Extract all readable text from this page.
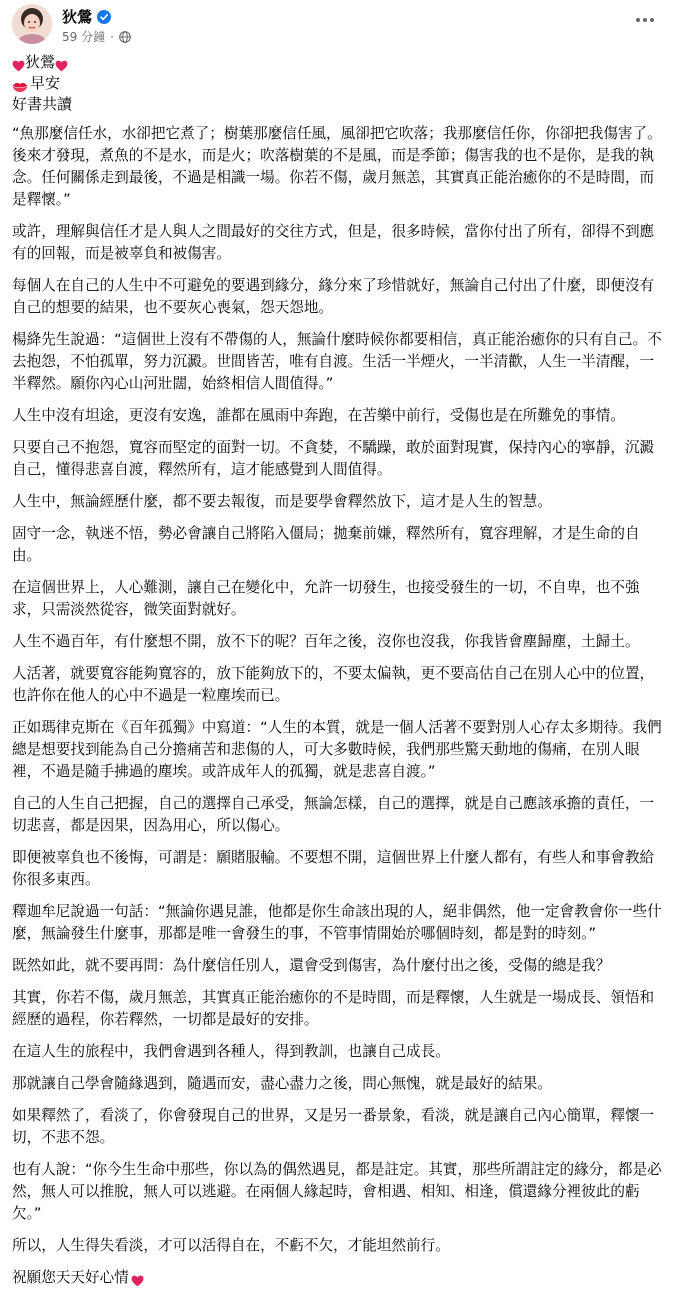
狄鶯
59 分鐘 ·

狄鶯

早安

好書共讀

“魚那麼信任水，水卻把它煮了；樹葉那麼信任風，風卻把它吹落；我那麼信任你，你卻把我傷害了。後來才發現，煮魚的不是水，而是火；吹落樹葉的不是風，而是季節；傷害我的也不是你，是我的執念。任何關係走到最後，不過是相識一場。你若不傷，歲月無恙，其實真正能治癒你的不是時間，而是釋懷。”

或許，理解與信任才是人與人之間最好的交往方式，但是，很多時候，當你付出了所有，卻得不到應有的回報，而是被辜負和被傷害。

每個人在自己的人生中不可避免的要遇到緣分，緣分來了珍惜就好，無論自己付出了什麼，即便沒有自己的想要的結果，也不要灰心喪氣，怨天怨地。

楊絳先生說過：“這個世上沒有不帶傷的人，無論什麼時候你都要相信，真正能治癒你的只有自己。不去抱怨，不怕孤單，努力沉澱。世間皆苦，唯有自渡。生活一半煙火，一半清歡，人生一半清醒，一半釋然。願你內心山河壯闊，始終相信人間值得。”

人生中沒有坦途，更沒有安逸，誰都在風雨中奔跑，在苦樂中前行，受傷也是在所難免的事情。

只要自己不抱怨，寬容而堅定的面對一切。不貪婪，不驕躁，敢於面對現實，保持內心的寧靜，沉澱自己，懂得悲喜自渡，釋然所有，這才能感覺到人間值得。

人生中，無論經歷什麼，都不要去報復，而是要學會釋然放下，這才是人生的智慧。

固守一念，執迷不悟，勢必會讓自己將陷入僵局；拋棄前嫌，釋然所有，寬容理解，才是生命的自由。

在這個世界上，人心難測，讓自己在變化中，允許一切發生，也接受發生的一切，不自卑，也不強求，只需淡然從容，微笑面對就好。

人生不過百年，有什麼想不開，放不下的呢？百年之後，沒你也沒我，你我皆會塵歸塵，土歸土。

人活著，就要寬容能夠寬容的，放下能夠放下的，不要太偏執，更不要高估自己在別人心中的位置，也許你在他人的心中不過是一粒塵埃而已。

正如瑪律克斯在《百年孤獨》中寫道：“人生的本質，就是一個人活著不要對別人心存太多期待。我們總是想要找到能為自己分擔痛苦和悲傷的人，可大多數時候，我們那些驚天動地的傷痛，在別人眼裡，不過是隨手拂過的塵埃。或許成年人的孤獨，就是悲喜自渡。”

自己的人生自己把握，自己的選擇自己承受，無論怎樣，自己的選擇，就是自己應該承擔的責任，一切悲喜，都是因果，因為用心，所以傷心。

即便被辜負也不後悔，可謂是：願賭服輸。不要想不開，這個世界上什麼人都有，有些人和事會教給你很多東西。

釋迦牟尼說過一句話：“無論你遇見誰，他都是你生命該出現的人，絕非偶然，他一定會教會你一些什麼，無論發生什麼事，那都是唯一會發生的事，不管事情開始於哪個時刻，都是對的時刻。”

既然如此，就不要再問：為什麼信任別人，還會受到傷害，為什麼付出之後，受傷的總是我？

其實，你若不傷，歲月無恙，其實真正能治癒你的不是時間，而是釋懷，人生就是一場成長、領悟和經歷的過程，你若釋然，一切都是最好的安排。

在這人生的旅程中，我們會遇到各種人，得到教訓，也讓自己成長。

那就讓自己學會隨緣遇到，隨遇而安，盡心盡力之後，問心無愧，就是最好的結果。

如果釋然了，看淡了，你會發現自己的世界，又是另一番景象，看淡，就是讓自己內心簡單，釋懷一切，不悲不怨。

也有人說：“你今生生命中那些，你以為的偶然遇見，都是註定。其實，那些所謂註定的緣分，都是必然，無人可以推脫，無人可以逃避。在兩個人緣起時，會相遇、相知、相逢，償還緣分裡彼此的虧欠。”

所以，人生得失看淡，才可以活得自在，不虧不欠，才能坦然前行。

祝願您天天好心情
